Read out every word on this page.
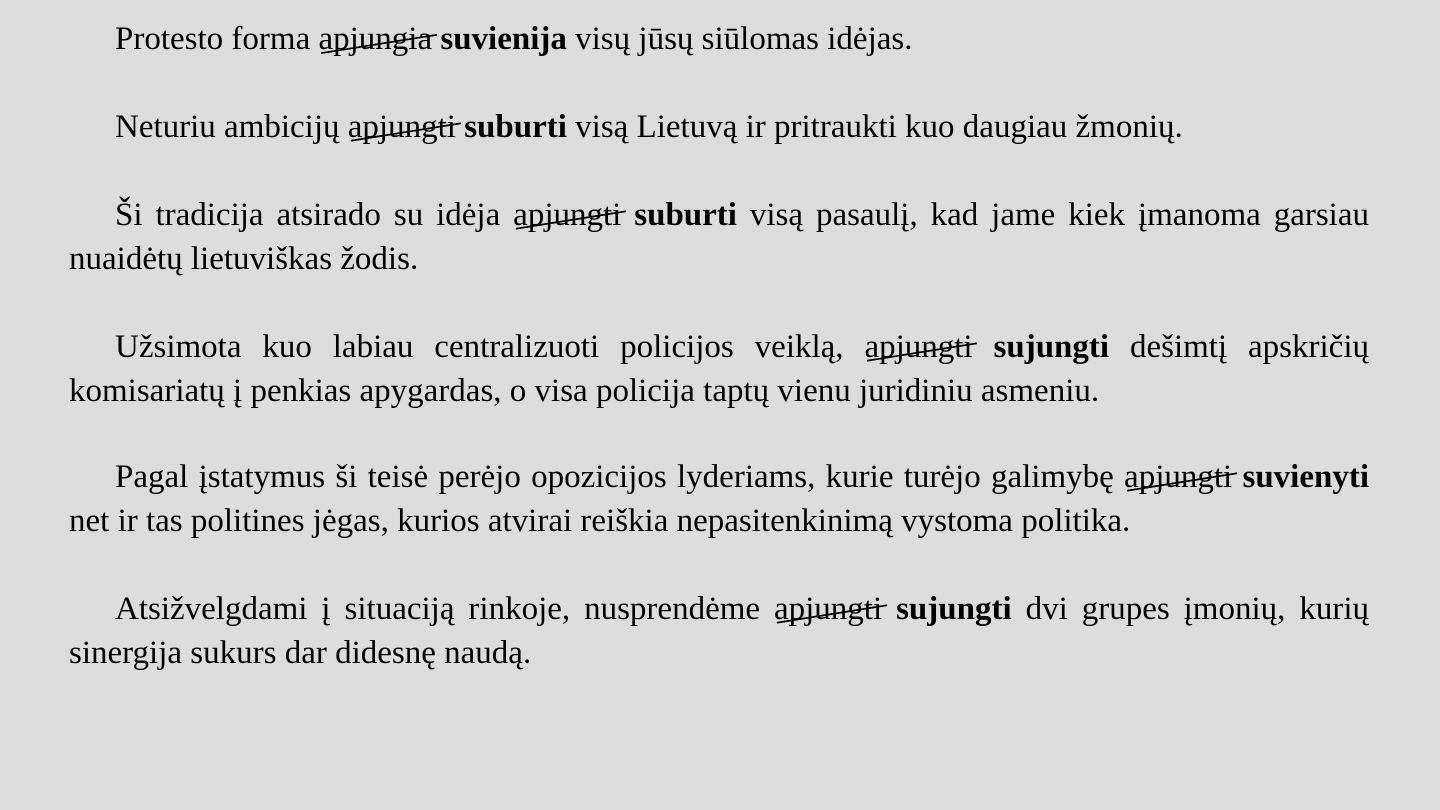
Protesto forma apjungia suvienija visų jūsų siūlomas idėjas.

Neturiu ambicijų apjungti suburti visą Lietuvą ir pritraukti kuo daugiau žmonių.

Ši tradicija atsirado su idėja apjungti suburti visą pasaulį, kad jame kiek įmanoma garsiau nuaidėtų lietuviškas žodis.

Užsimota kuo labiau centralizuoti policijos veiklą, apjungti sujungti dešimtį apskričių komisariatų į penkias apygardas, o visa policija taptų vienu juridiniu asmeniu.

Pagal įstatymus ši teisė perėjo opozicijos lyderiams, kurie turėjo galimybę apjungti suvienyti net ir tas politines jėgas, kurios atvirai reiškia nepasitenkinimą vystoma politika.

Atsižvelgdami į situaciją rinkoje, nusprendėme apjungti sujungti dvi grupes įmonių, kurių sinergija sukurs dar didesnę naudą.
